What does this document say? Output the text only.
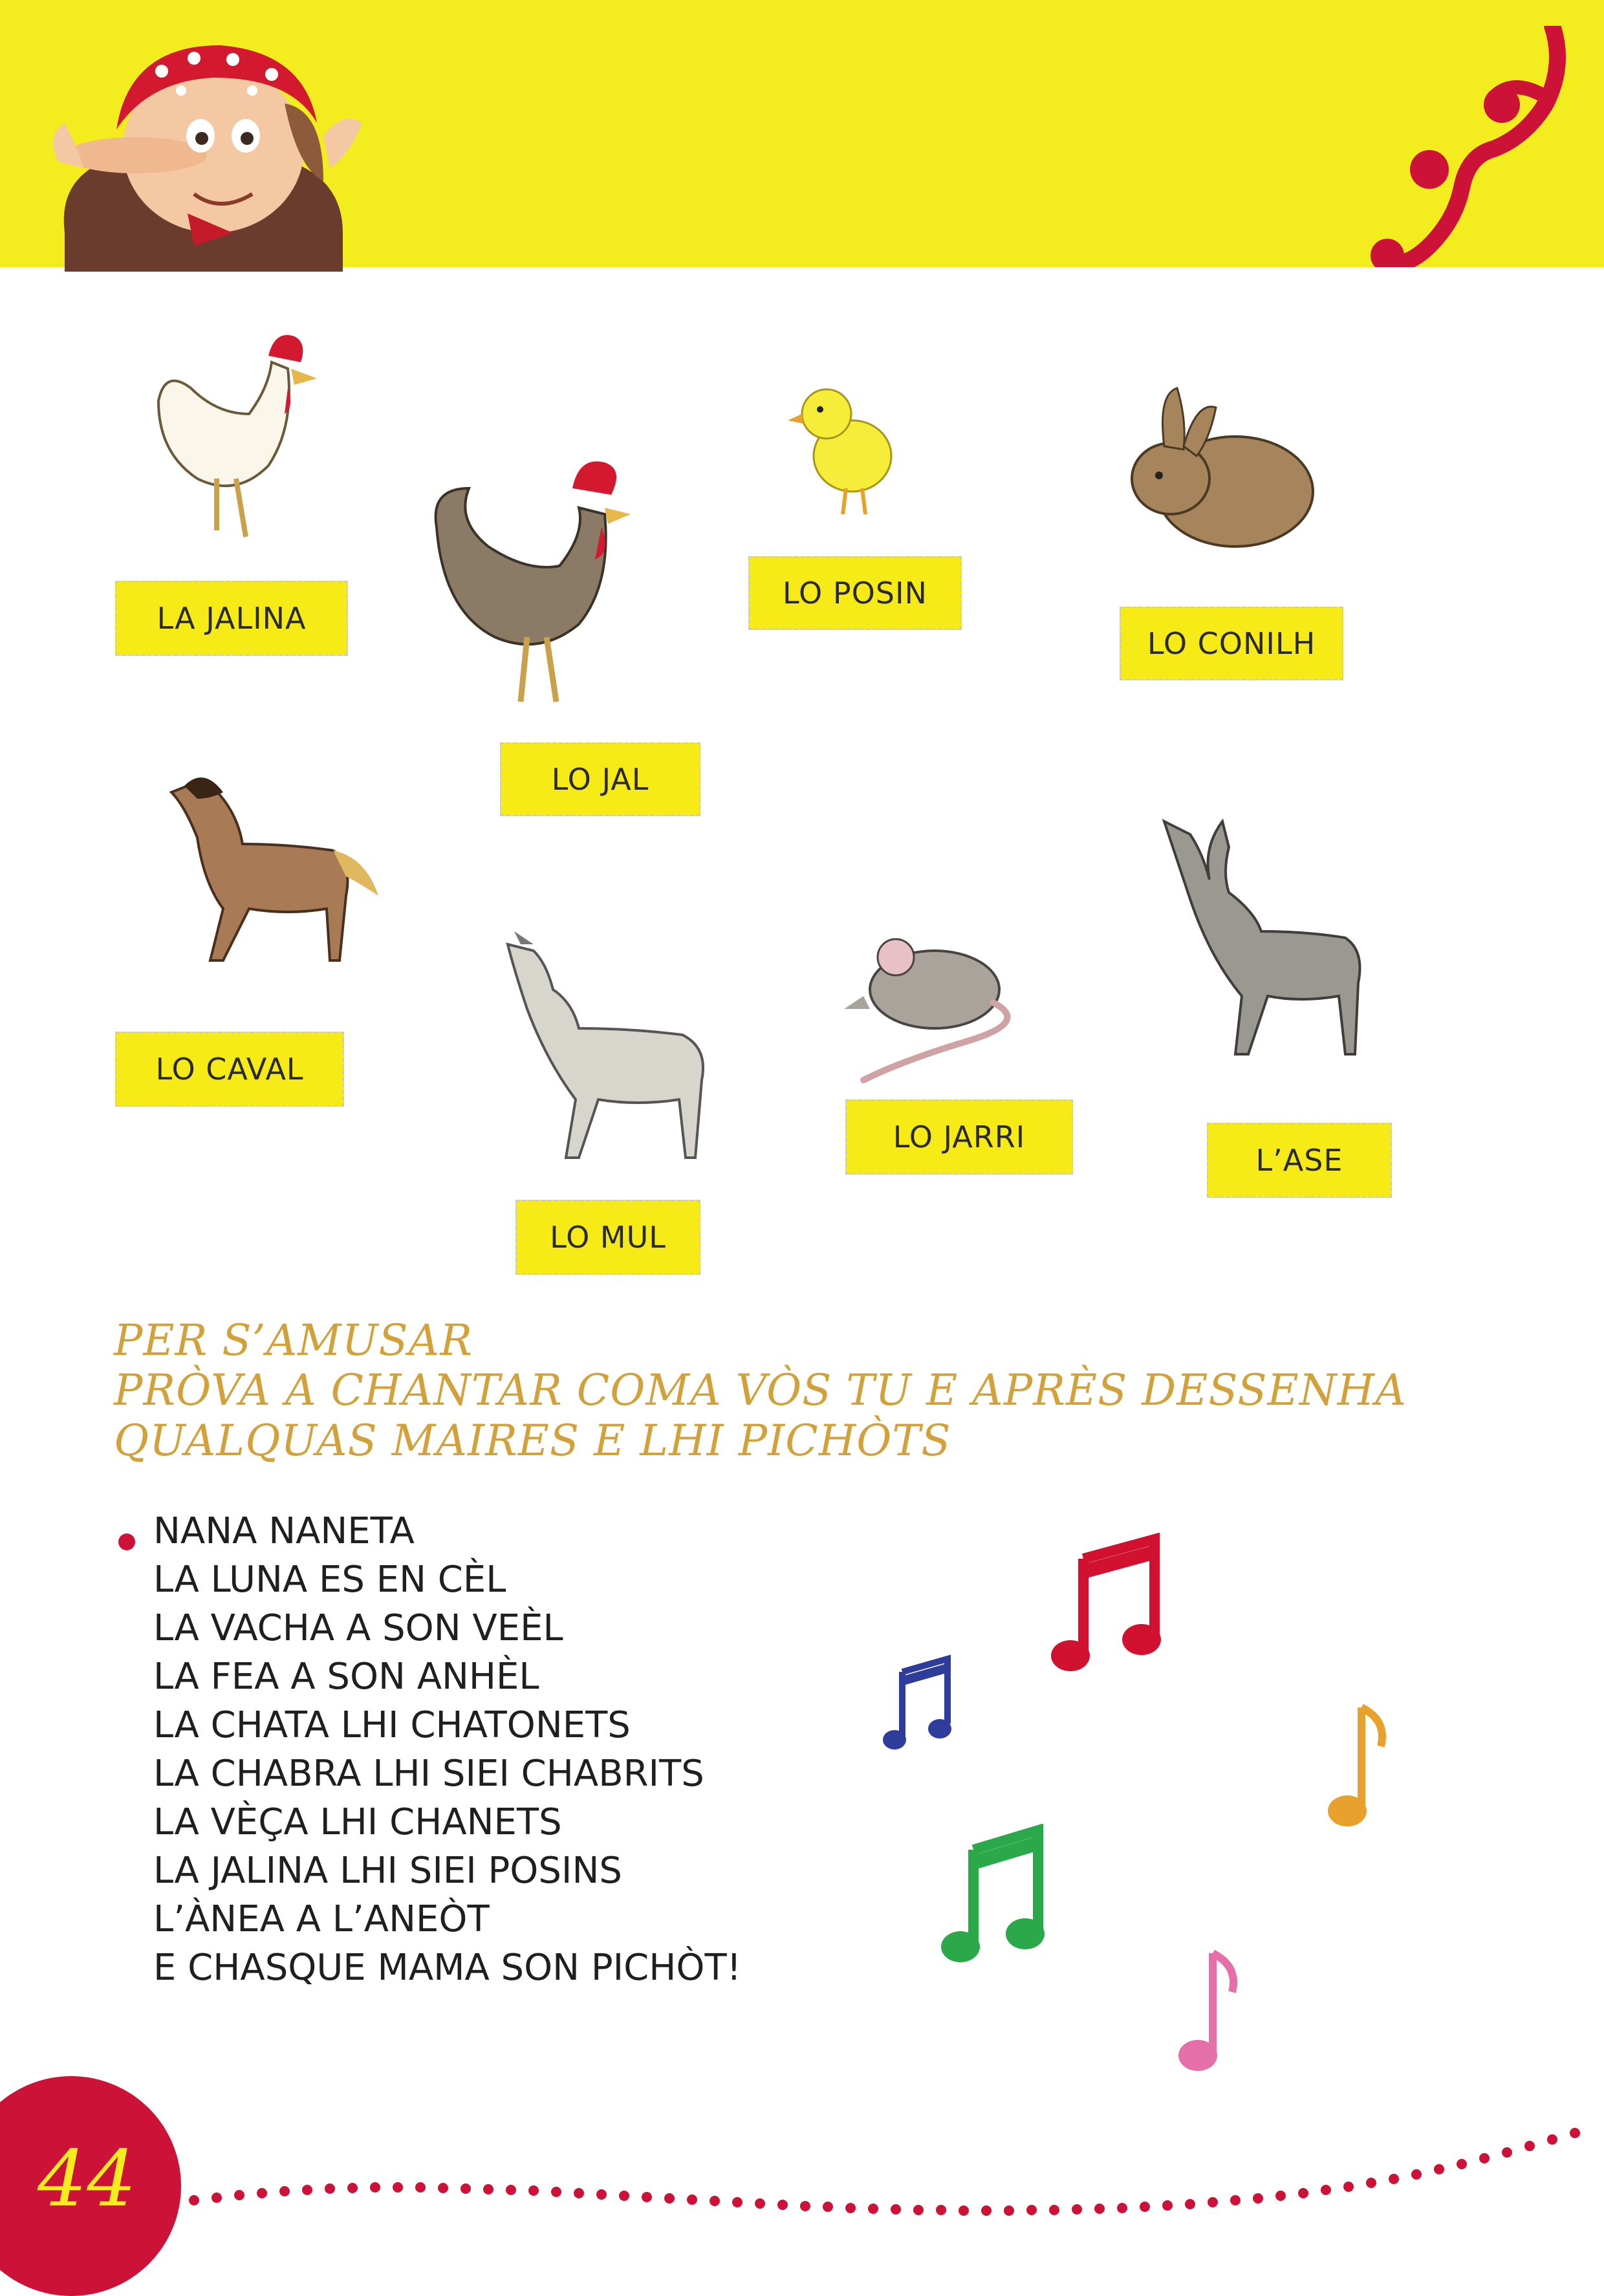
LA JALINA
LO POSIN
LO CONILH
LO JAL
LO CAVAL
LO JARRI
L’ASE
LO MUL
PER S’AMUSAR
PRÒVA A CHANTAR COMA VÒS TU E APRÈS DESSENHA
QUALQUAS MAIRES E LHI PICHÒTS
NANA NANETA
LA LUNA ES EN CÈL
LA VACHA A SON VEÈL
LA FEA A SON ANHÈL
LA CHATA LHI CHATONETS
LA CHABRA LHI SIEI CHABRITS
LA VÈÇA LHI CHANETS
LA JALINA LHI SIEI POSINS
L’ÀNEA A L’ANEÒT
E CHASQUE MAMA SON PICHÒT!
44
